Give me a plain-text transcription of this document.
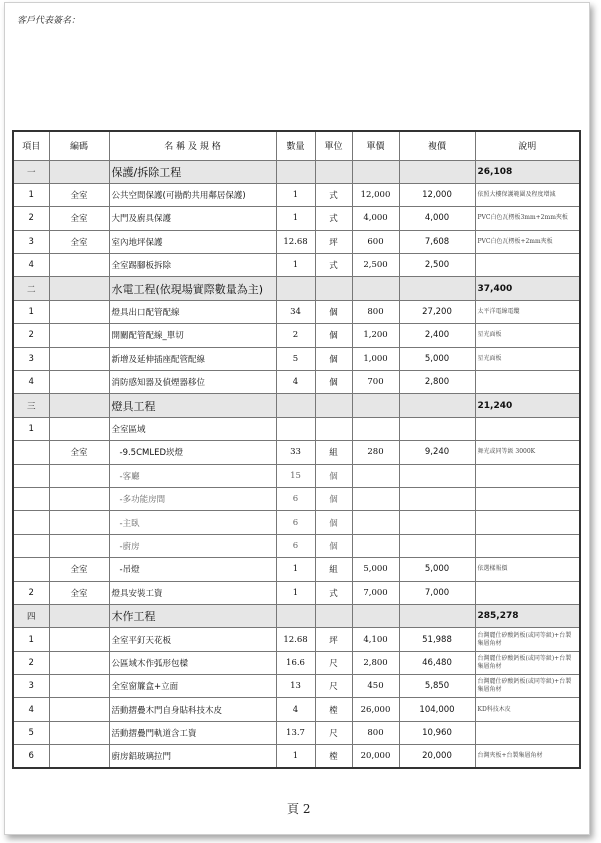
客戶代表簽名：
項目	編碼	名 稱 及 規 格	數量	單位	單價	複價	說明
一		保護/拆除工程					26,108
1	全室	公共空間保護(可勘酌共用鄰居保護)	1	式	12,000	12,000	依照大樓保護範圍及程度增減
2	全室	大門及廚具保護	1	式	4,000	4,000	PVC白色瓦楞板3mm+2mm夾板
3	全室	室內地坪保護	12.68	坪	600	7,608	PVC白色瓦楞板+2mm夾板
4		全室踢腳板拆除	1	式	2,500	2,500	
二		水電工程(依現場實際數量為主)					37,400
1		燈具出口配管配線	34	個	800	27,200	太平洋電線電纜
2		開關配管配線_單切	2	個	1,200	2,400	星光面板
3		新增及延伸插座配管配線	5	個	1,000	5,000	星光面板
4		消防感知器及偵煙器移位	4	個	700	2,800	
三		燈具工程					21,240
1		全室區域					
	全室	-9.5CMLED崁燈	33	組	280	9,240	舞光或同等級 3000K
		-客廳	15	個			
		-多功能房間	6	個			
		-主臥	6	個			
		-廚房	6	個			
	全室	-吊燈	1	組	5,000	5,000	依選樣報價
2	全室	燈具安裝工資	1	式	7,000	7,000	
四		木作工程					285,278
1		全室平釘天花板	12.68	坪	4,100	51,988	台灣麗仕矽酸鈣板(或同等級)+台製集層角材
2		公區域木作弧形包樑	16.6	尺	2,800	46,480	台灣麗仕矽酸鈣板(或同等級)+台製集層角材
3		全室窗簾盒+立面	13	尺	450	5,850	台灣麗仕矽酸鈣板(或同等級)+台製集層角材
4		活動摺疊木門自身貼科技木皮	4	樘	26,000	104,000	KD科技木皮
5		活動摺疊門軌道含工資	13.7	尺	800	10,960	
6		廚房鋁玻璃拉門	1	樘	20,000	20,000	台灣夾板+台製集層角材
頁 2
